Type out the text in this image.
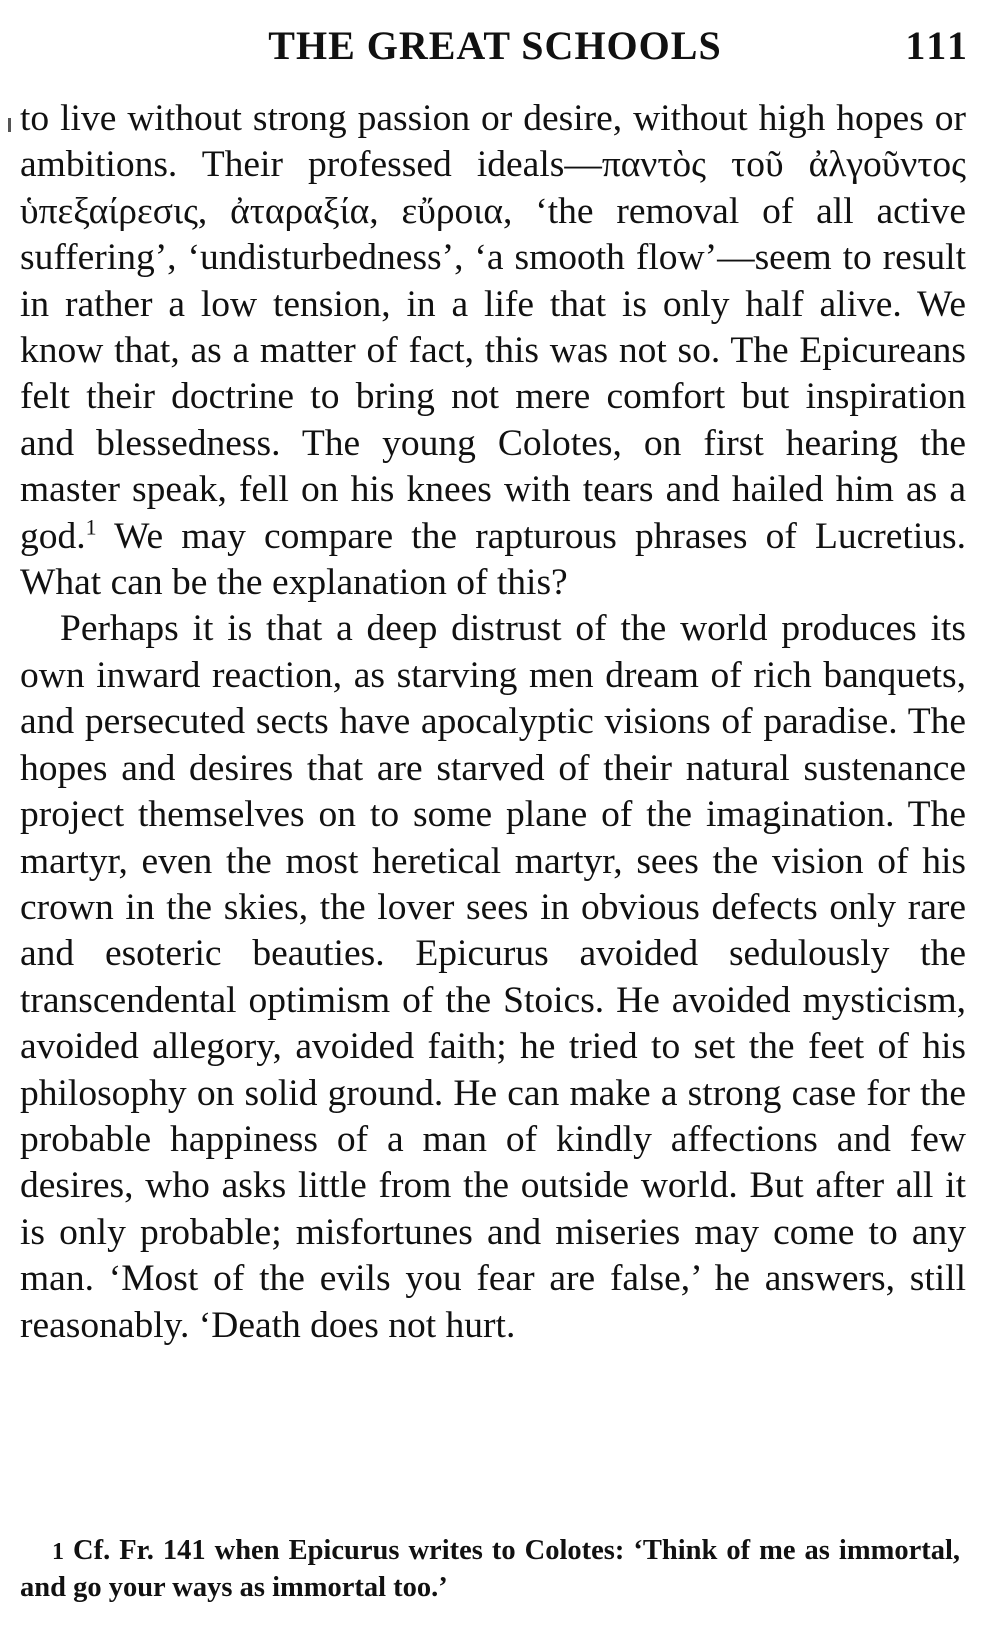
THE GREAT SCHOOLS	111

to live without strong passion or desire, without high hopes or ambitions. Their professed ideals—παντὸς τοῦ ἀλγοῦντος ὑπεξαίρεσις, ἀταραξία, εὔροια, ‘the removal of all active suffering’, ‘undisturbedness’, ‘a smooth flow’—seem to result in rather a low tension, in a life that is only half alive. We know that, as a matter of fact, this was not so. The Epicureans felt their doctrine to bring not mere comfort but inspiration and blessedness. The young Colotes, on first hearing the master speak, fell on his knees with tears and hailed him as a god.$^1$ We may compare the rapturous phrases of Lucretius. What can be the explanation of this?

Perhaps it is that a deep distrust of the world produces its own inward reaction, as starving men dream of rich banquets, and persecuted sects have apocalyptic visions of paradise. The hopes and desires that are starved of their natural sustenance project themselves on to some plane of the imagination. The martyr, even the most heretical martyr, sees the vision of his crown in the skies, the lover sees in obvious defects only rare and esoteric beauties. Epicurus avoided sedulously the transcendental optimism of the Stoics. He avoided mysticism, avoided allegory, avoided faith; he tried to set the feet of his philosophy on solid ground. He can make a strong case for the probable happiness of a man of kindly affections and few desires, who asks little from the outside world. But after all it is only probable; misfortunes and miseries may come to any man. ‘Most of the evils you fear are false,’ he answers, still reasonably. ‘Death does not hurt.

1 Cf. Fr. 141 when Epicurus writes to Colotes: ‘Think of me as immortal, and go your ways as immortal too.’
